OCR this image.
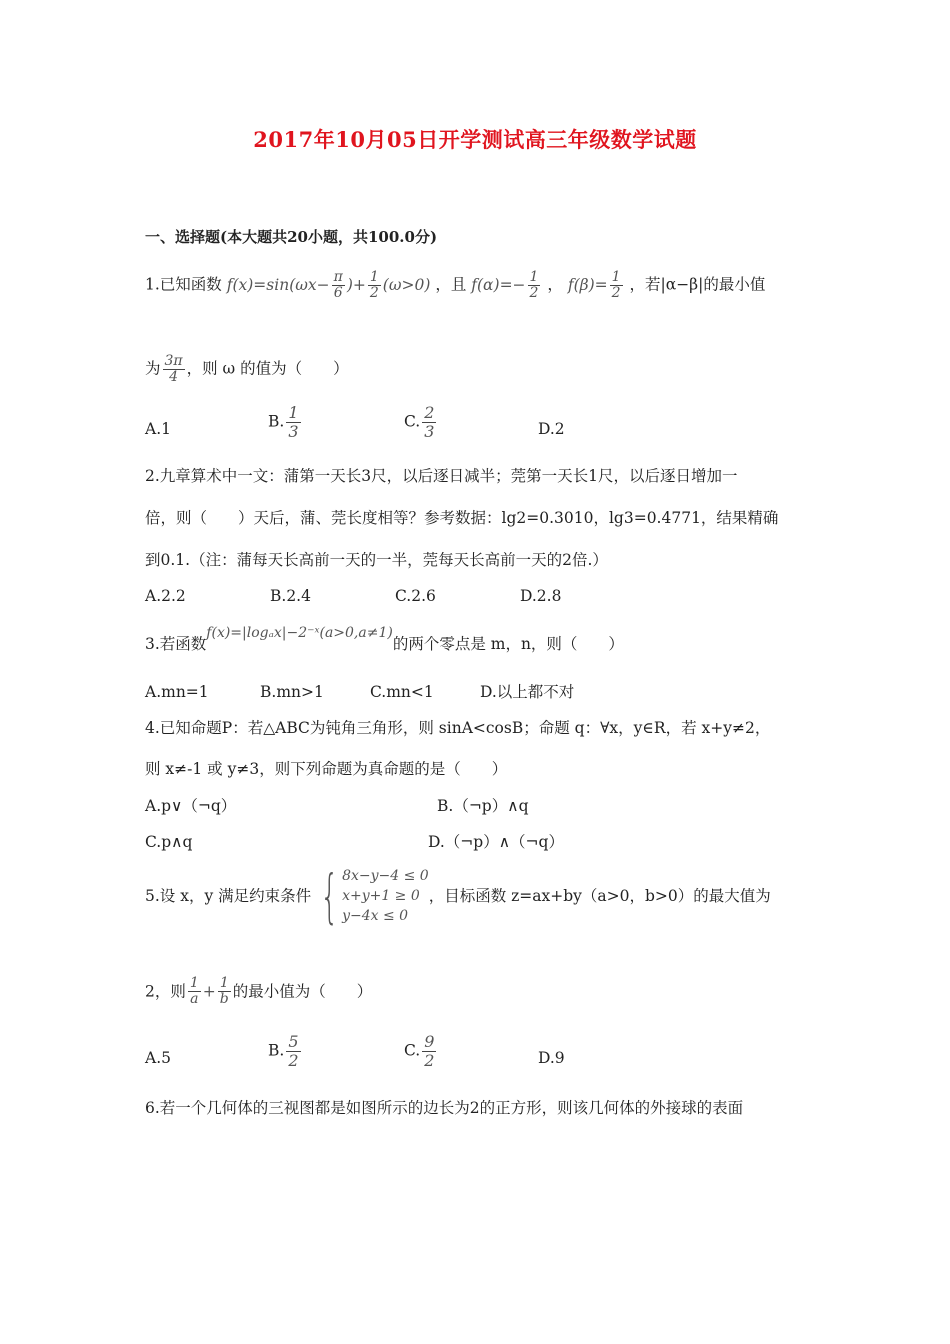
2017年10月05日开学测试高三年级数学试题
一、选择题(本大题共20小题，共100.0分)
1.已知函数 $f(x)=\sin(\omega x- \frac{\pi}{6}$ )+ $\frac{1}{2} (\omega>0)$ ，且 $f(\alpha)=- \frac{1}{2}$ ， $f(\beta)= \frac{1}{2}$ ，若|α−β|的最小值
为 $\frac{3\pi}{4}$ ，则 ω 的值为（　　）
A.1	B. $\frac{1}{3}$	C. $\frac{2}{3}$	D.2
2.九章算术中一文：蒲第一天长3尺，以后逐日减半；莞第一天长1尺，以后逐日增加一
倍，则（　　）天后，蒲、莞长度相等？参考数据：lg2=0.3010，lg3=0.4771，结果精确
到0.1.（注：蒲每天长高前一天的一半，莞每天长高前一天的2倍.）
A.2.2	B.2.4	C.2.6	D.2.8
3.若函数f(x)=|logₐx|−2⁻ˣ(a>0,a≠1)的两个零点是 m，n，则（　　）
A.mn=1	B.mn>1	C.mn<1	D.以上都不对
4.已知命题P：若△ABC为钝角三角形，则 sinA<cosB；命题 q：∀x，y∈R，若 x+y≠2，
则 x≠-1 或 y≠3，则下列命题为真命题的是（　　）
A.p∨（¬q）	B.（¬p）∧q
C.p∧q	D.（¬p）∧（¬q）
5.设 x，y 满足约束条件 { 8x−y−4 ≤ 0
x+y+1 ≥ 0
y−4x ≤ 0
，目标函数 z=ax+by（a>0，b>0）的最大值为
2，则 $\frac{1}{a} + \frac{1}{b}$ 的最小值为（　　）
A.5	B. $\frac{5}{2}$	C. $\frac{9}{2}$	D.9
6.若一个几何体的三视图都是如图所示的边长为2的正方形，则该几何体的外接球的表面
